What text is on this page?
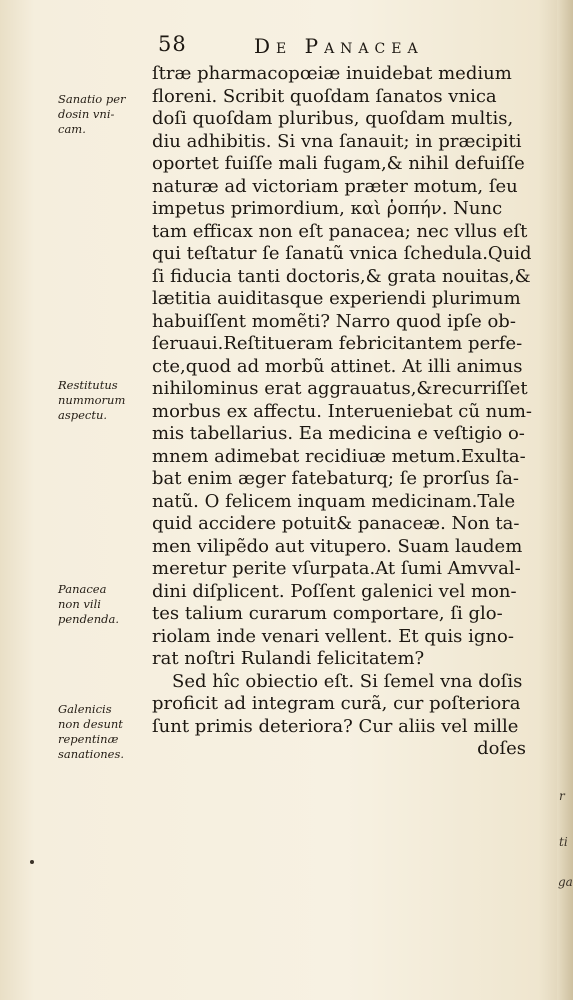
r
ti
ga
58	De Panacea
Sanatio per
dosin vni-
cam.
Restitutus
nummorum
aspectu.
Panacea
non vili
pendenda.
Galenicis
non desunt
repentinæ
sanationes.
ſtræ pharmacopœiæ inuidebat medium
floreni. Scribit quoſdam ſanatos vnica
doſi quoſdam pluribus, quoſdam multis,
diu adhibitis. Si vna ſanauit; in præcipiti
oportet fuiſſe mali fugam,& nihil defuiſſe
naturæ ad victoriam præter motum, ſeu
impetus primordium, καὶ ῥοπήν. Nunc
tam efficax non eſt panacea; nec vllus eſt
qui teſtatur ſe ſanatũ vnica ſchedula.Quid
ſi fiducia tanti doctoris,& grata nouitas,&
lætitia auiditasque experiendi plurimum
habuiſſent momẽti? Narro quod ipſe ob-
ſeruaui.Reſtitueram febricitantem perfe-
cte,quod ad morbũ attinet. At illi animus
nihilominus erat aggrauatus,&recurriſſet
morbus ex affectu. Interueniebat cũ num-
mis tabellarius. Ea medicina e veſtigio o-
mnem adimebat recidiuæ metum.Exulta-
bat enim æger fatebaturq; ſe prorſus ſa-
natũ. O felicem inquam medicinam.Tale
quid accidere potuit& panaceæ. Non ta-
men vilipẽdo aut vitupero. Suam laudem
meretur perite vſurpata.At ſumi Amvval-
dini diſplicent. Poſſent galenici vel mon-
tes talium curarum comportare, ſi glo-
riolam inde venari vellent. Et quis igno-
rat noſtri Rulandi felicitatem?
Sed hîc obiectio eſt. Si ſemel vna doſis
proficit ad integram curã, cur poſteriora
ſunt primis deteriora? Cur aliis vel mille
doſes
